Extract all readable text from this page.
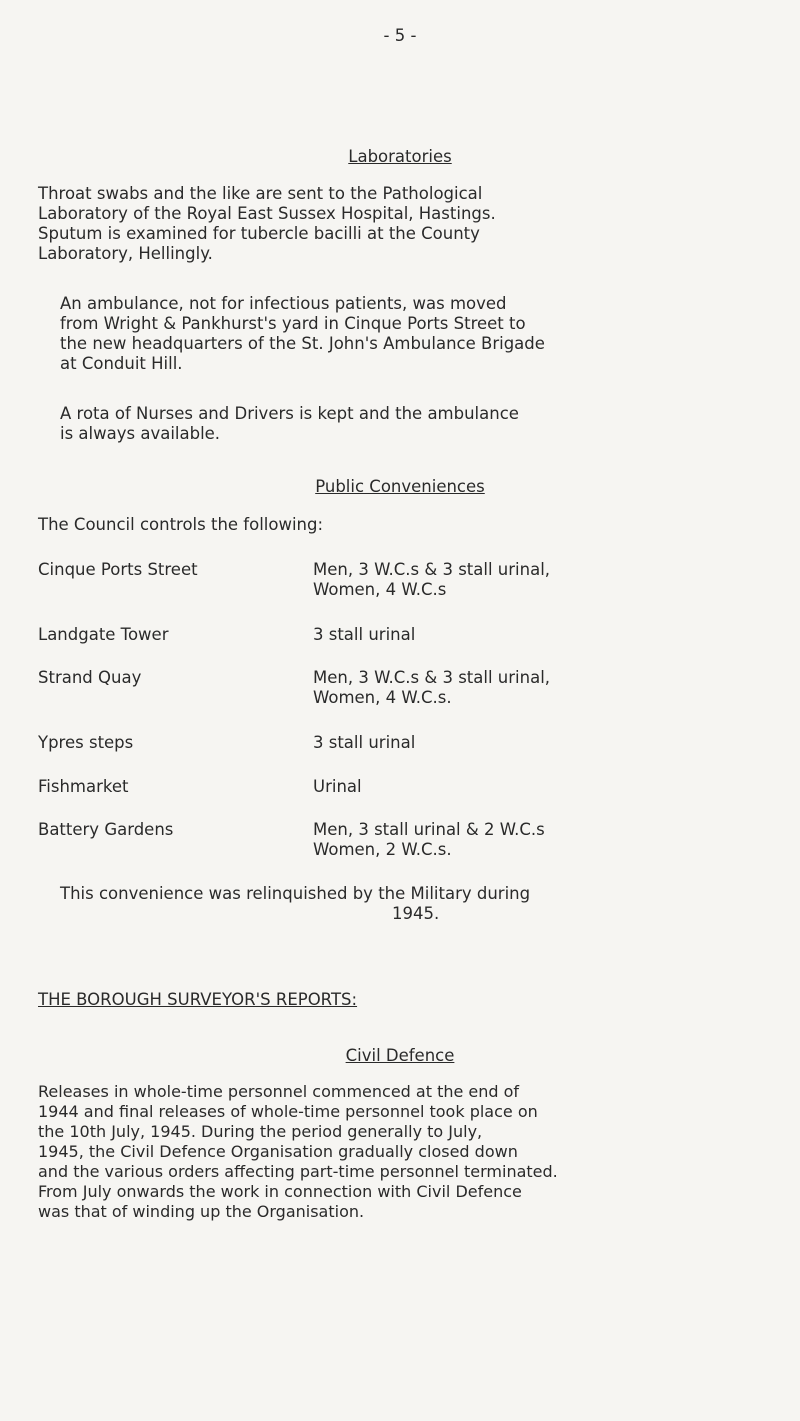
- 5 -
Laboratories
Throat swabs and the like are sent to the Pathological
Laboratory of the Royal East Sussex Hospital, Hastings.
Sputum is examined for tubercle bacilli at the County
Laboratory, Hellingly.
An ambulance, not for infectious patients, was moved
from Wright & Pankhurst's yard in Cinque Ports Street to
the new headquarters of the St. John's Ambulance Brigade
at Conduit Hill.
A rota of Nurses and Drivers is kept and the ambulance
is always available.
Public Conveniences
The Council controls the following:
Cinque Ports Street	Men, 3 W.C.s & 3 stall urinal,
Women, 4 W.C.s
Landgate Tower	3 stall urinal
Strand Quay	Men, 3 W.C.s & 3 stall urinal,
Women, 4 W.C.s.
Ypres steps	3 stall urinal
Fishmarket	Urinal
Battery Gardens	Men, 3 stall urinal & 2 W.C.s
Women, 2 W.C.s.
This convenience was relinquished by the Military during
1945.
THE BOROUGH SURVEYOR'S REPORTS:
Civil Defence
Releases in whole-time personnel commenced at the end of
1944 and final releases of whole-time personnel took place on
the 10th July, 1945. During the period generally to July,
1945, the Civil Defence Organisation gradually closed down
and the various orders affecting part-time personnel terminated.
From July onwards the work in connection with Civil Defence
was that of winding up the Organisation.
